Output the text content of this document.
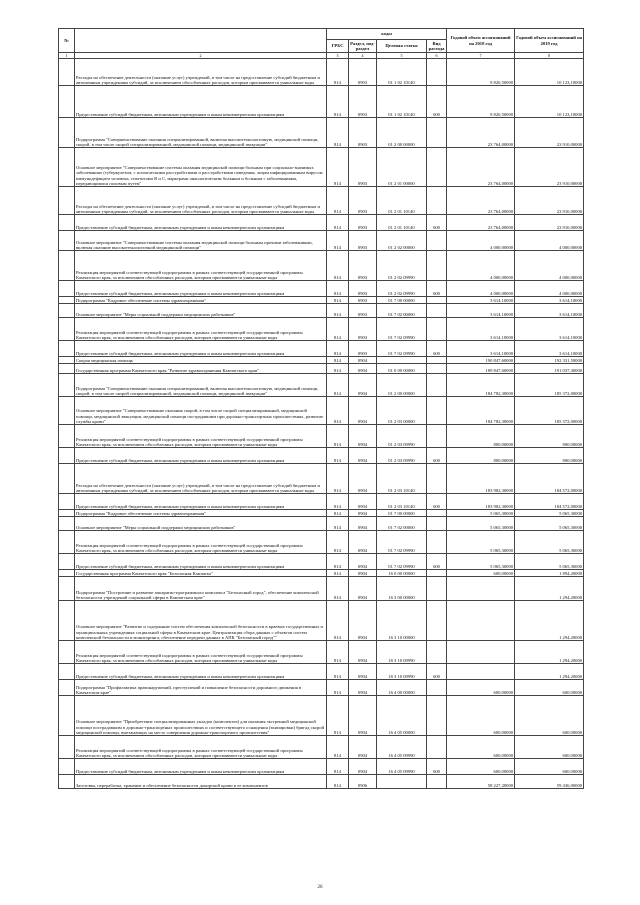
№		коды				Годовой объем ассигнований на 2018 год	Годовой объем ассигнований на 2019 год
		ГРБС	Раздел, под-раздел	Целевая статья	Вид расхода		
1	2	3	4	5	6	7	8
	Расходы на обеспечение деятельности (оказание услуг) учреждений, в том числе на предоставление субсидий бюджетным и автономным учреждениям субсидий, за исключением обособленных расходов, которым присваиваются уникальные коды	814	0903	01 1 02 10140		9 820,50000	10 123,10000
	Предоставление субсидий бюджетным, автономным учреждениям и иным некоммерческим организациям	814	0903	01 1 02 10140	600	9 820,50000	10 123,10000
	Подпрограмма "Совершенствование оказания специализированной, включая высокотехнологичную, медицинской помощи, скорой, в том числе скорой специализированной, медицинской помощи, медицинской эвакуации"	814	0903	01 2 00 00000		23 764,00000	23 910,00000
	Основное мероприятие "Совершенствование системы оказания медицинской помощи больным при социально-значимых заболеваниях (туберкулезом, с психическими расстройствами и расстройствами поведения, лицам инфицированным вирусом иммунодефицита человека, гепатитами В и С, маркерами онкологическим больным и больным с заболеваниями, передающимися половым путем"	814	0903	01 2 01 00000		23 764,00000	23 910,00000
	Расходы на обеспечение деятельности (оказание услуг) учреждений, в том числе на предоставление субсидий бюджетным и автономным учреждениям субсидий, за исключением обособленных расходов, которым присваиваются уникальные коды	814	0903	01 2 01 10140		23 764,00000	23 910,00000
	Предоставление субсидий бюджетным, автономным учреждениям и иным некоммерческим организациям	814	0903	01 2 01 10140	600	23 764,00000	23 910,00000
	Основное мероприятие "Совершенствование системы оказания медицинской помощи больным прочими заболеваниями, включая оказание высокотехнологичной медицинской помощи"	814	0903	01 2 02 00000		4 000,00000	4 000,00000
	Реализация мероприятий соответствующей подпрограммы в рамках соответствующей государственной программы Камчатского края, за исключением обособленных расходов, которым присваиваются уникальные коды	814	0903	01 2 02 09990		4 000,00000	4 000,00000
	Предоставление субсидий бюджетным, автономным учреждениям и иным некоммерческим организациям	814	0903	01 2 02 09990	600	4 000,00000	4 000,00000
	Подпрограмма "Кадровое обеспечение системы здравоохранения"	814	0903	01 7 00 00000		3 614,10000	3 614,10000
	Основное мероприятие "Меры социальной поддержки медицинских работников"	814	0903	01 7 02 00000		3 614,10000	3 614,10000
	Реализация мероприятий соответствующей подпрограммы в рамках соответствующей государственной программы Камчатского края, за исключением обособленных расходов, которым присваиваются уникальные коды	814	0903	01 7 02 09990		3 614,10000	3 614,10000
	Предоставление субсидий бюджетным, автономным учреждениям и иным некоммерческим организациям	814	0903	01 7 02 09990	600	3 614,10000	3 614,10000
	Скорая медицинская помощь	814	0904			190 847,60000	192 331,50000
	Государственная программа Камчатского края "Развитие здравоохранения Камчатского края"	814	0904	01 0 00 00000		189 847,60000	191 037,30000
	Подпрограмма "Совершенствование оказания специализированной, включая высокотехнологичную, медицинской помощи, скорой, в том числе скорой специализированной, медицинской помощи, медицинской эвакуации"	814	0904	01 2 00 00000		184 782,30000	185 372,00000
	Основное мероприятие "Совершенствование оказания скорой, в том числе скорой специализированной, медицинской помощи, медицинской эвакуации, медицинской помощи пострадавшим при дорожно-транспортных происшествиях, развитие службы крови"	814	0904	01 2 03 00000		184 782,30000	185 372,00000
	Реализация мероприятий соответствующей подпрограммы в рамках соответствующей государственной программы Камчатского края, за исключением обособленных расходов, которым присваиваются уникальные коды	814	0904	01 2 03 09990		800,00000	800,00000
	Предоставление субсидий бюджетным, автономным учреждениям и иным некоммерческим организациям	814	0904	01 2 03 09990	600	800,00000	800,00000
	Расходы на обеспечение деятельности (оказание услуг) учреждений, в том числе на предоставление субсидий бюджетным и автономным учреждениям субсидий, за исключением обособленных расходов, которым присваиваются уникальные коды	814	0904	01 2 03 10140		183 982,30000	184 572,00000
	Предоставление субсидий бюджетным, автономным учреждениям и иным некоммерческим организациям	814	0904	01 2 03 10140	600	183 982,30000	184 572,00000
	Подпрограмма "Кадровое обеспечение системы здравоохранения"	814	0904	01 7 00 00000		5 065,30000	5 065,30000
	Основное мероприятие "Меры социальной поддержки медицинских работников"	814	0904	01 7 02 00000		5 065,30000	5 065,30000
	Реализация мероприятий соответствующей подпрограммы в рамках соответствующей государственной программы Камчатского края, за исключением обособленных расходов, которым присваиваются уникальные коды	814	0904	01 7 02 09990		5 065,30000	5 065,30000
	Предоставление субсидий бюджетным, автономным учреждениям и иным некоммерческим организациям	814	0904	01 7 02 09990	600	5 065,30000	5 065,30000
	Государственная программа Камчатского края "Безопасная Камчатка"	814	0904	16 0 00 00000		600,00000	1 894,20000
	Подпрограмма "Построение и развитие аппаратно-программного комплекса "Безопасный город", обеспечение комплексной безопасности учреждений социальной сферы в Камчатском крае"	814	0904	16 3 00 00000			1 294,20000
	Основное мероприятие "Развитие и содержание систем обеспечения комплексной безопасности в краевых государственных и муниципальных учреждениях социальной сферы в Камчатском крае. Централизация сбора данных с объектов систем комплексной безопасности и мониторинга, обеспечение передачи данных в АПК "Безопасный город""	814	0904	16 3 10 00000			1 294,20000
	Реализация мероприятий соответствующей подпрограммы в рамках соответствующей государственной программы Камчатского края, за исключением обособленных расходов, которым присваиваются уникальные коды	814	0904	16 3 10 09990			1 294,20000
	Предоставление субсидий бюджетным, автономным учреждениям и иным некоммерческим организациям	814	0904	16 3 10 09990	600		1 294,20000
	Подпрограмма "Профилактика правонарушений, преступлений и повышение безопасности дорожного движения в Камчатском крае"	814	0904	16 4 00 00000		600,00000	600,00000
	Основное мероприятие "Приобретение специализированных укладок (комплектов) для оказания экстренной медицинской помощи пострадавшим в дорожно-транспортных происшествиях и соответствующего оснащения (экипировки) бригад скорой медицинской помощи, выезжающих на место совершения дорожно-транспортного происшествия"	814	0904	16 4 05 00000		600,00000	600,00000
	Реализация мероприятий соответствующей подпрограммы в рамках соответствующей государственной программы Камчатского края, за исключением обособленных расходов, которым присваиваются уникальные коды	814	0904	16 4 05 09990		600,00000	600,00000
	Предоставление субсидий бюджетным, автономным учреждениям и иным некоммерческим организациям	814	0904	16 4 05 09990	600	600,00000	600,00000
	Заготовка, переработка, хранение и обеспечение безопасности донорской крови и ее компонентов	814	0906			58 227,20000	59 436,00000
26
